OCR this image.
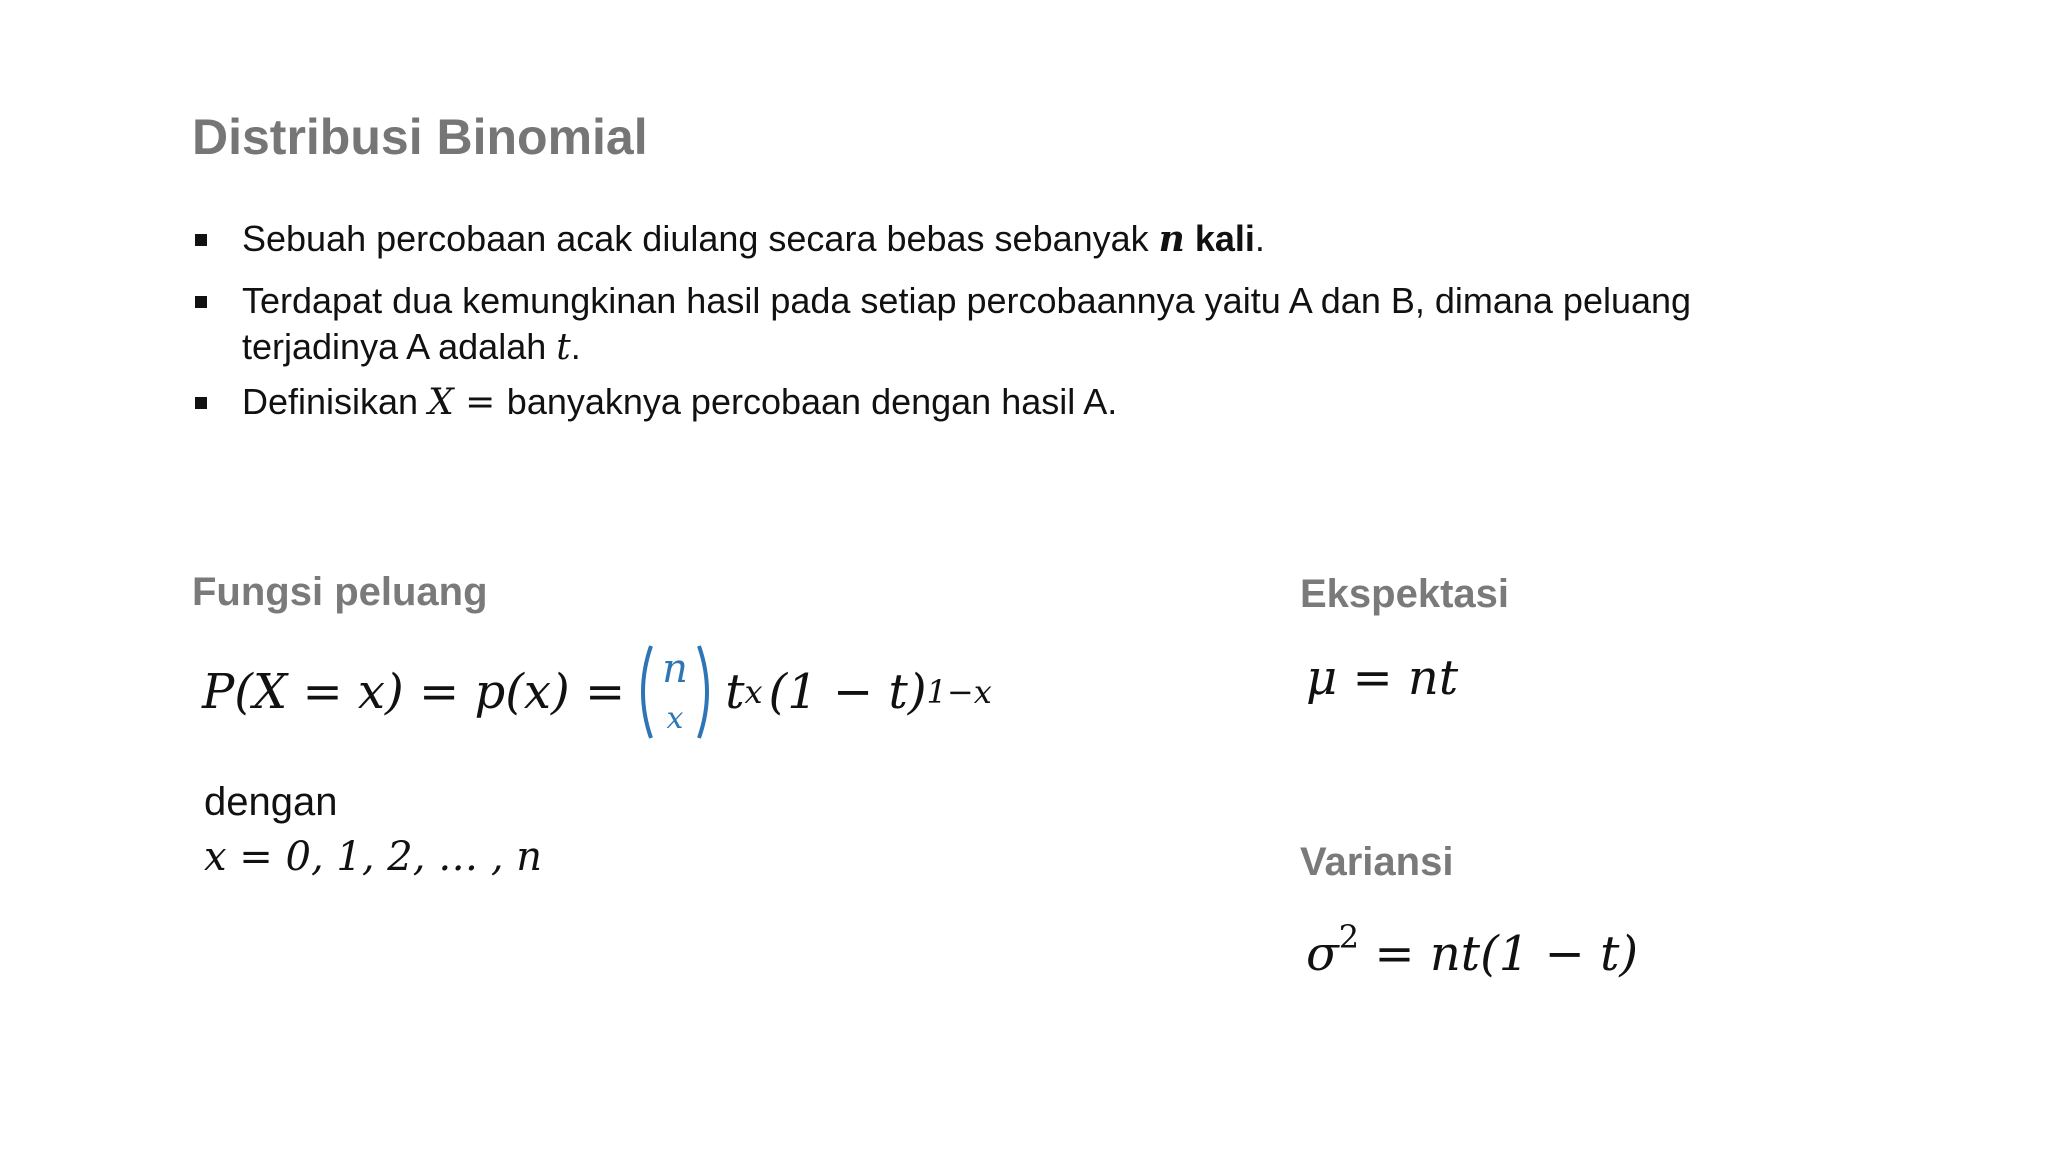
Distribusi Binomial
Sebuah percobaan acak diulang secara bebas sebanyak n kali.
Terdapat dua kemungkinan hasil pada setiap percobaannya yaitu A dan B, dimana peluang terjadinya A adalah t.
Definisikan X = banyaknya percobaan dengan hasil A.
Fungsi peluang
P(X = x) = p(x) = n
x t x (1 − t) 1−x
dengan
x = 0, 1, 2, … , n
Ekspektasi
μ = nt
Variansi
$\sigma^2 = nt(1 - t)$
